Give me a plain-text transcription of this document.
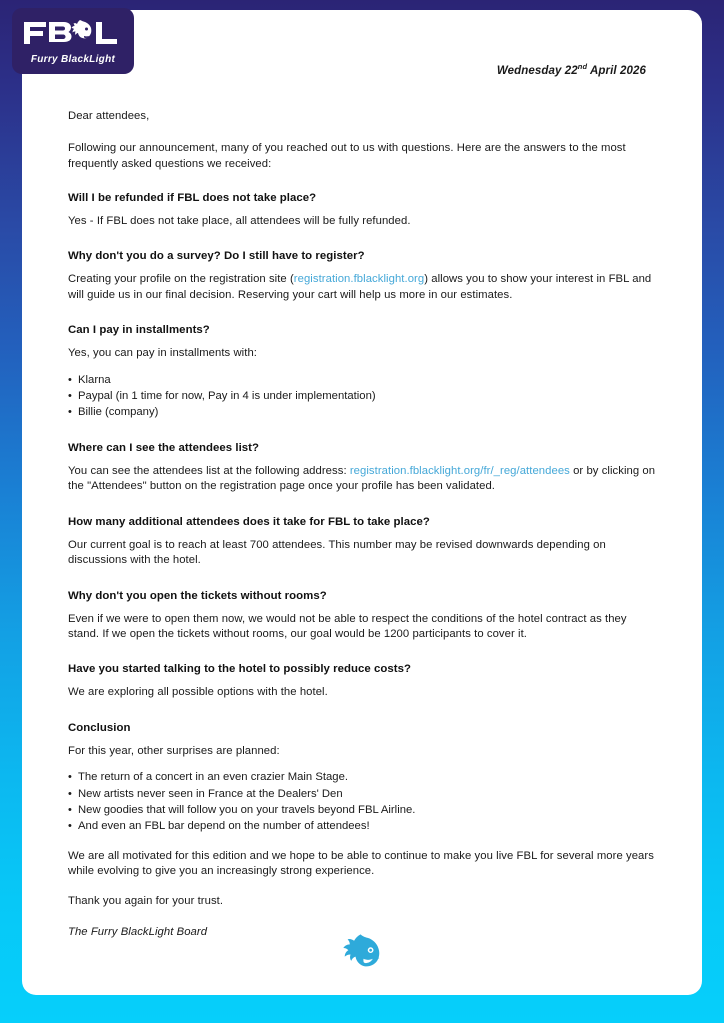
Wednesday 22nd April 2026

Dear attendees,

Following our announcement, many of you reached out to us with questions. Here are the answers to the most frequently asked questions we received:

Will I be refunded if FBL does not take place?

Yes - If FBL does not take place, all attendees will be fully refunded.

Why don't you do a survey? Do I still have to register?

Creating your profile on the registration site (registration.fblacklight.org) allows you to show your interest in FBL and will guide us in our final decision. Reserving your cart will help us more in our estimates.

Can I pay in installments?

Yes, you can pay in installments with:

• Klarna
• Paypal (in 1 time for now, Pay in 4 is under implementation)
• Billie (company)
Where can I see the attendees list?

You can see the attendees list at the following address: registration.fblacklight.org/fr/_reg/attendees or by clicking on the "Attendees" button on the registration page once your profile has been validated.

How many additional attendees does it take for FBL to take place?

Our current goal is to reach at least 700 attendees. This number may be revised downwards depending on discussions with the hotel.

Why don't you open the tickets without rooms?

Even if we were to open them now, we would not be able to respect the conditions of the hotel contract as they stand. If we open the tickets without rooms, our goal would be 1200 participants to cover it.

Have you started talking to the hotel to possibly reduce costs?

We are exploring all possible options with the hotel.

Conclusion

For this year, other surprises are planned:

• The return of a concert in an even crazier Main Stage.
• New artists never seen in France at the Dealers' Den
• New goodies that will follow you on your travels beyond FBL Airline.
• And even an FBL bar depend on the number of attendees!

We are all motivated for this edition and we hope to be able to continue to make you live FBL for several more years while evolving to give you an increasingly strong experience.

Thank you again for your trust.

The Furry BlackLight Board

Furry BlackLight
